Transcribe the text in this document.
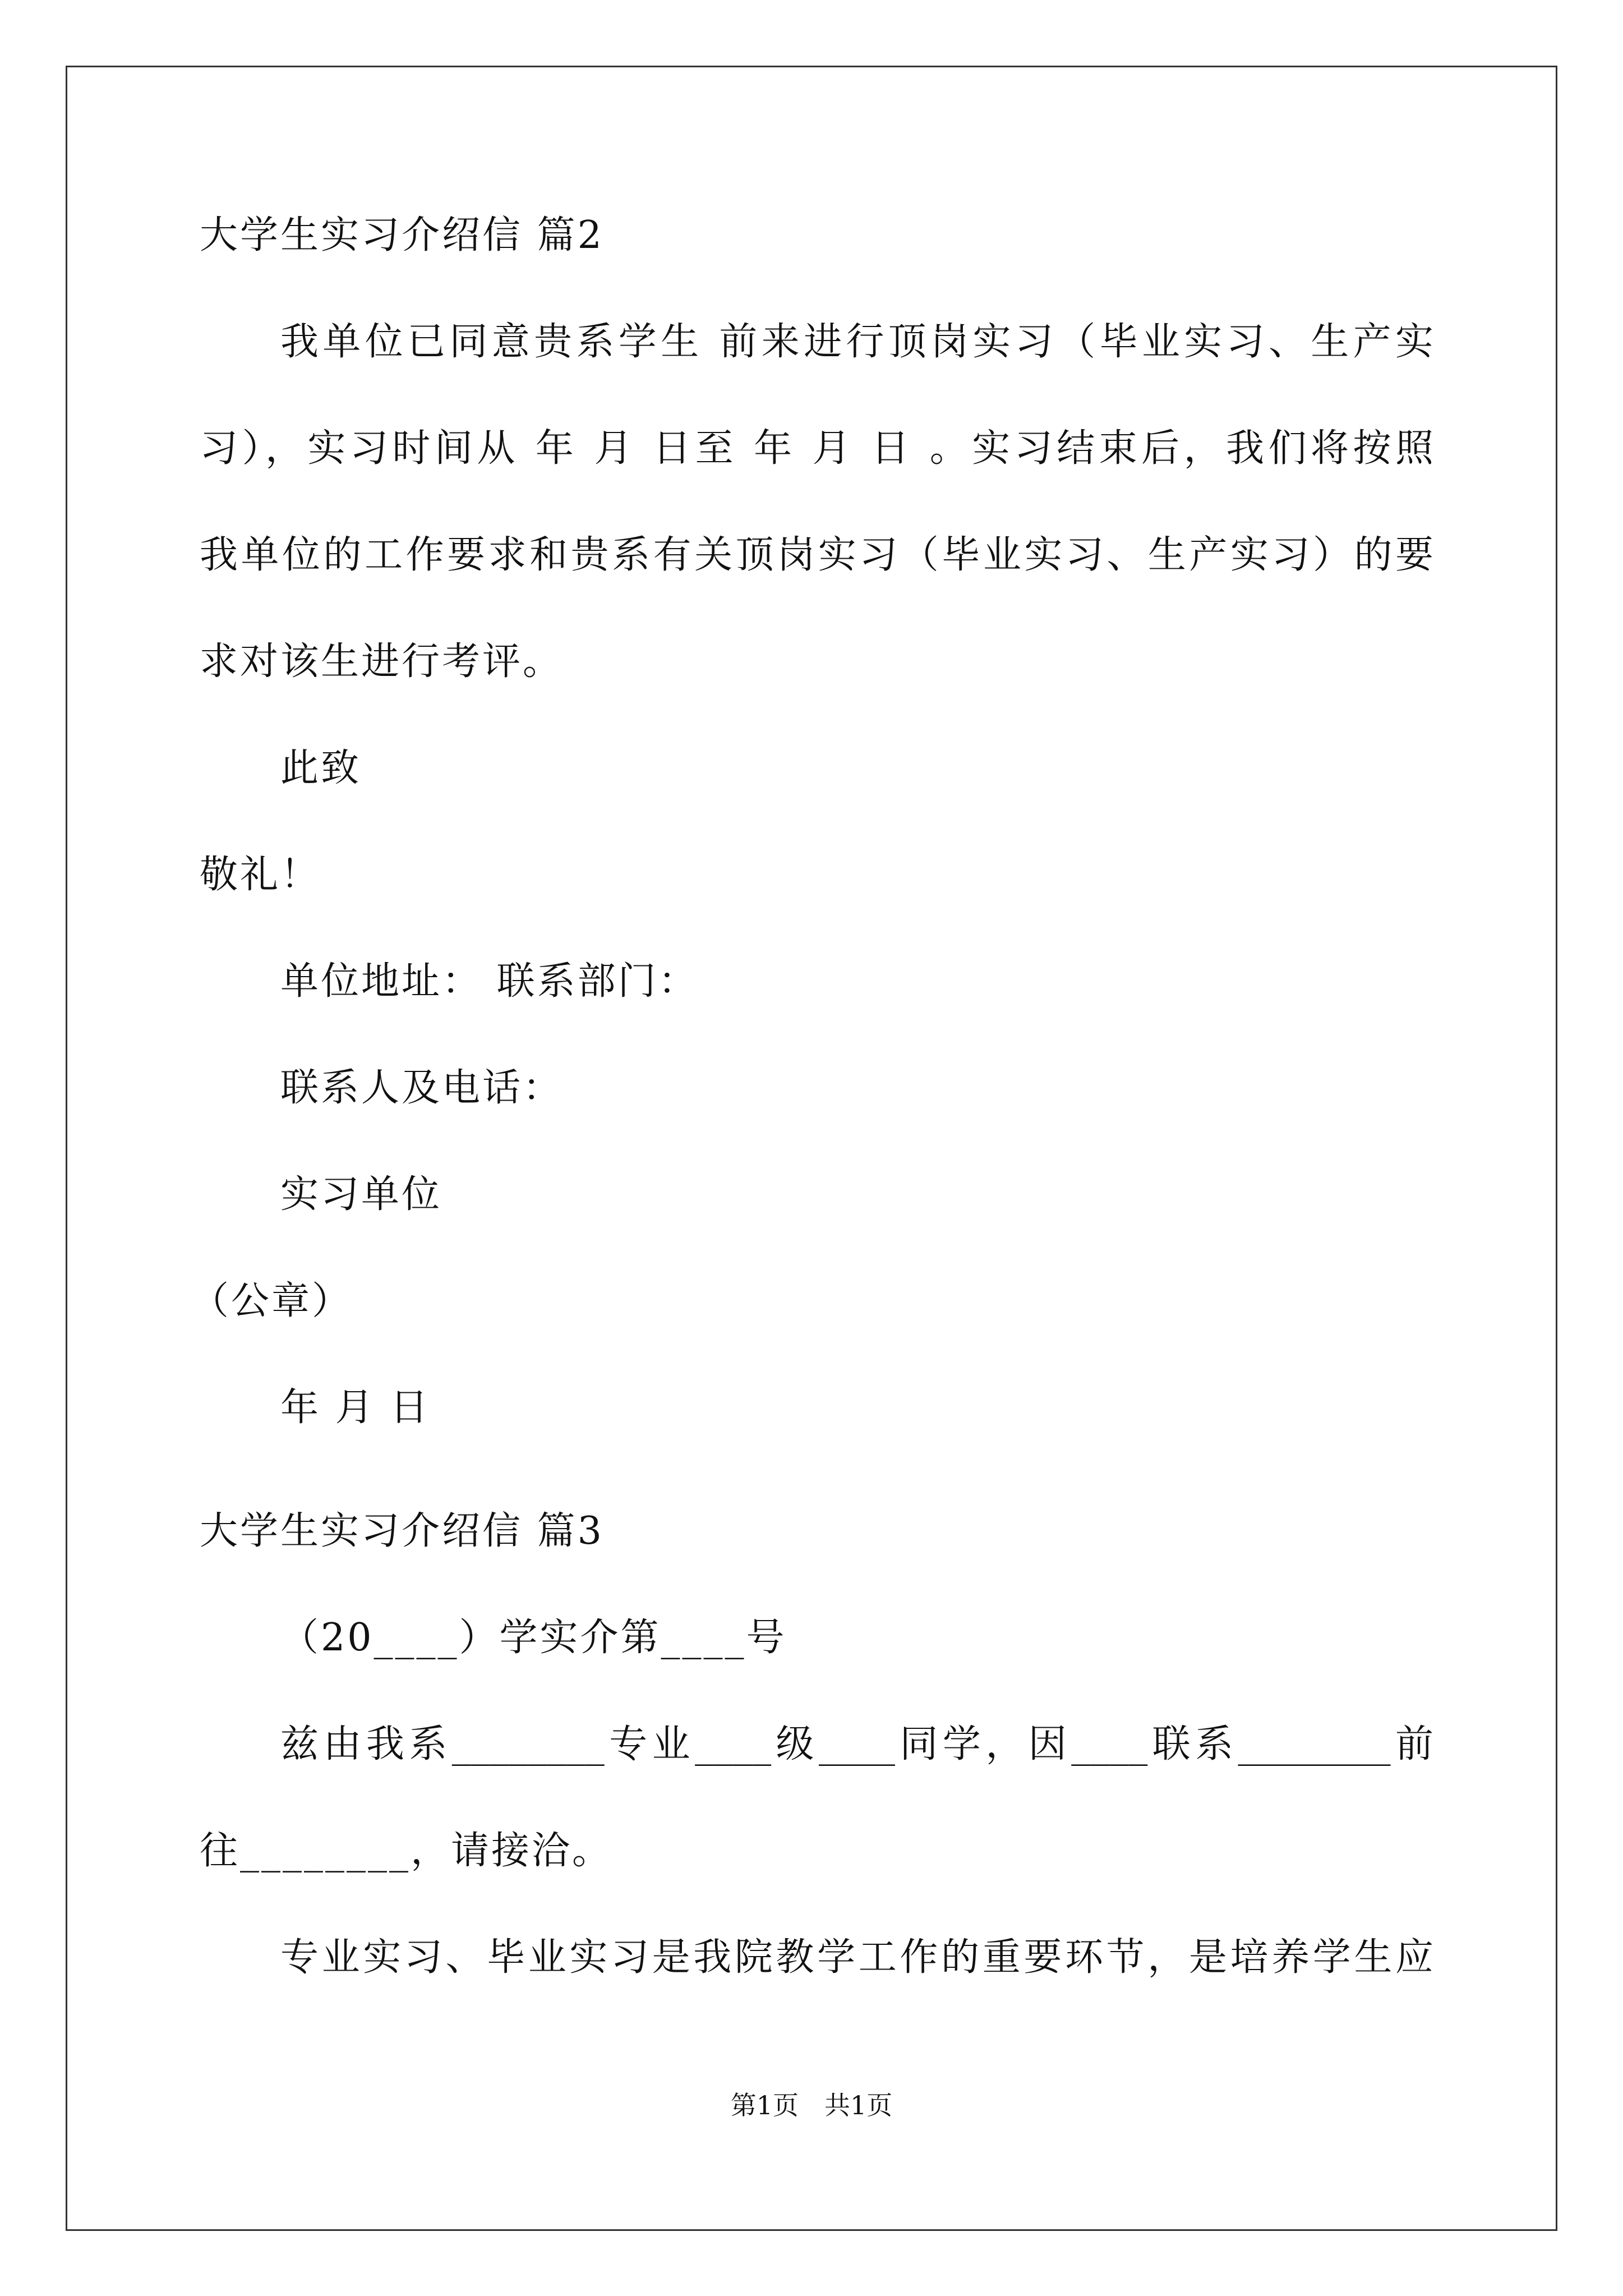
大学生实习介绍信 篇2
我单位已同意贵系学生 前来进行顶岗实习（毕业实习、生产实
习），实习时间从 年 月 日至 年 月 日 。实习结束后，我们将按照
我单位的工作要求和贵系有关顶岗实习（毕业实习、生产实习）的要
求对该生进行考评。
此致
敬礼！
单位地址： 联系部门：
联系人及电话：
实习单位
（公章）
年 月 日
大学生实习介绍信 篇3
（20____）学实介第____号
兹由我系________专业____级____同学，因____联系________前
往________，请接洽。
专业实习、毕业实习是我院教学工作的重要环节，是培养学生应
第1页　共1页
